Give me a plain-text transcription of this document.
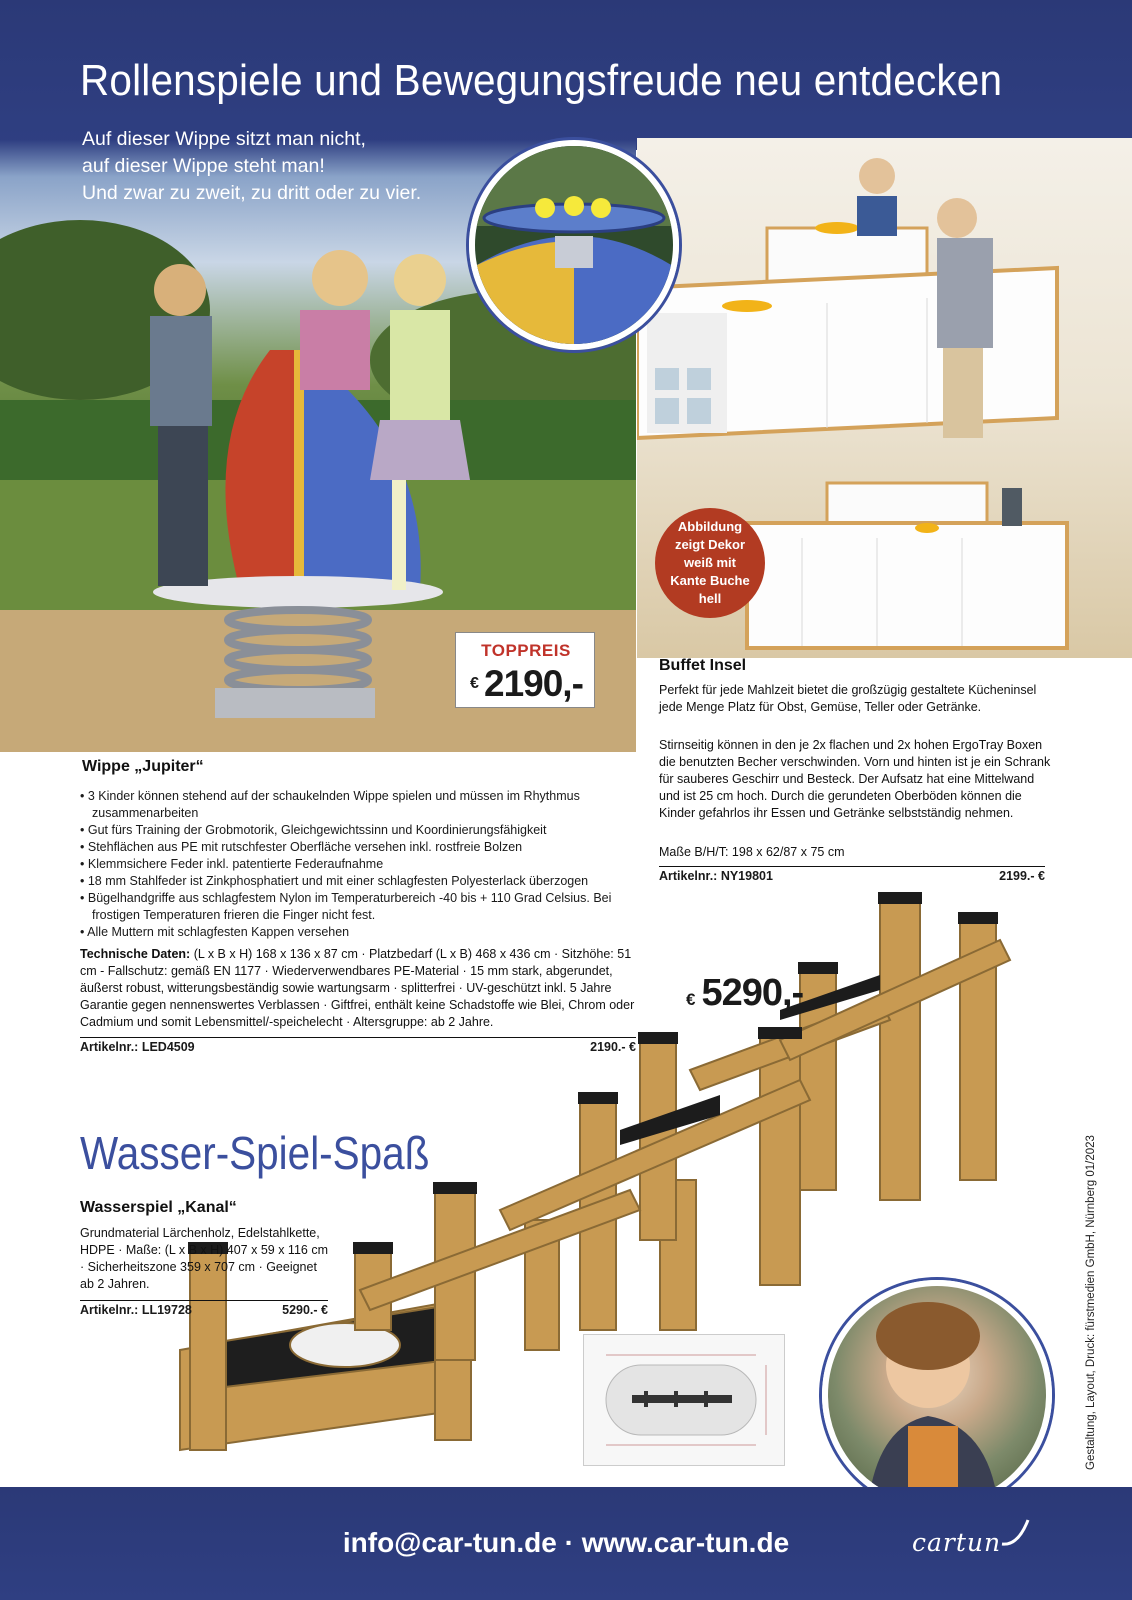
Rollenspiele und Bewegungsfreude neu entdecken
Auf dieser Wippe sitzt man nicht,
auf dieser Wippe steht man!
Und zwar zu zweit, zu dritt oder zu vier.
TOPPREIS
€ 2190,-
Abbildung zeigt Dekor weiß mit Kante Buche hell
Wippe „Jupiter“
• 3 Kinder können stehend auf der schaukelnden Wippe spielen und müssen im Rhythmus zusammenarbeiten
• Gut fürs Training der Grobmotorik, Gleichgewichtssinn und Koordinierungsfähigkeit
• Stehflächen aus PE mit rutschfester Oberfläche versehen inkl. rostfreie Bolzen
• Klemmsichere Feder inkl. patentierte Federaufnahme
• 18 mm Stahlfeder ist Zinkphosphatiert und mit einer schlagfesten Polyesterlack überzogen
• Bügelhandgriffe aus schlagfestem Nylon im Temperaturbereich -40 bis + 110 Grad Celsius. Bei frostigen Temperaturen frieren die Finger nicht fest.
• Alle Muttern mit schlagfesten Kappen versehen
Technische Daten: (L x B x H) 168 x 136 x 87 cm · Platzbedarf (L x B) 468 x 436 cm · Sitzhöhe: 51 cm - Fallschutz: gemäß EN 1177 · Wiederverwendbares PE-Material · 15 mm stark, abgerundet, äußerst robust, witterungsbeständig sowie wartungsarm · splitterfrei · UV-geschützt inkl. 5 Jahre Garantie gegen nennenswertes Verblassen · Giftfrei, enthält keine Schadstoffe wie Blei, Chrom oder Cadmium und somit Lebensmittel/-speichelecht · Altersgruppe: ab 2 Jahre.
Artikelnr.: LED4509	2190.- €
Buffet Insel
Perfekt für jede Mahlzeit bietet die großzügig gestaltete Kücheninsel jede Menge Platz für Obst, Gemüse, Teller oder Getränke.
Stirnseitig können in den je 2x flachen und 2x hohen ErgoTray Boxen die benutzten Becher verschwinden. Vorn und hinten ist je ein Schrank für sauberes Geschirr und Besteck. Der Aufsatz hat eine Mittelwand und ist 25 cm hoch. Durch die gerundeten Oberböden können die Kinder gefahrlos ihr Essen und Getränke selbstständig nehmen.
Maße B/H/T: 198 x 62/87 x 75 cm
Artikelnr.: NY19801	2199.- €
Wasser-Spiel-Spaß
Wasserspiel „Kanal“
Grundmaterial Lärchenholz, Edelstahlkette, HDPE · Maße: (L x B x H) 407 x 59 x 116 cm · Sicherheitszone 359 x 707 cm · Geeignet ab 2 Jahren.
Artikelnr.: LL19728	5290.- €
€ 5290,-
Gestaltung, Layout, Druck: fürstmedien GmbH, Nürnberg 01/2023
info@car-tun.de · www.car-tun.de	cartun
